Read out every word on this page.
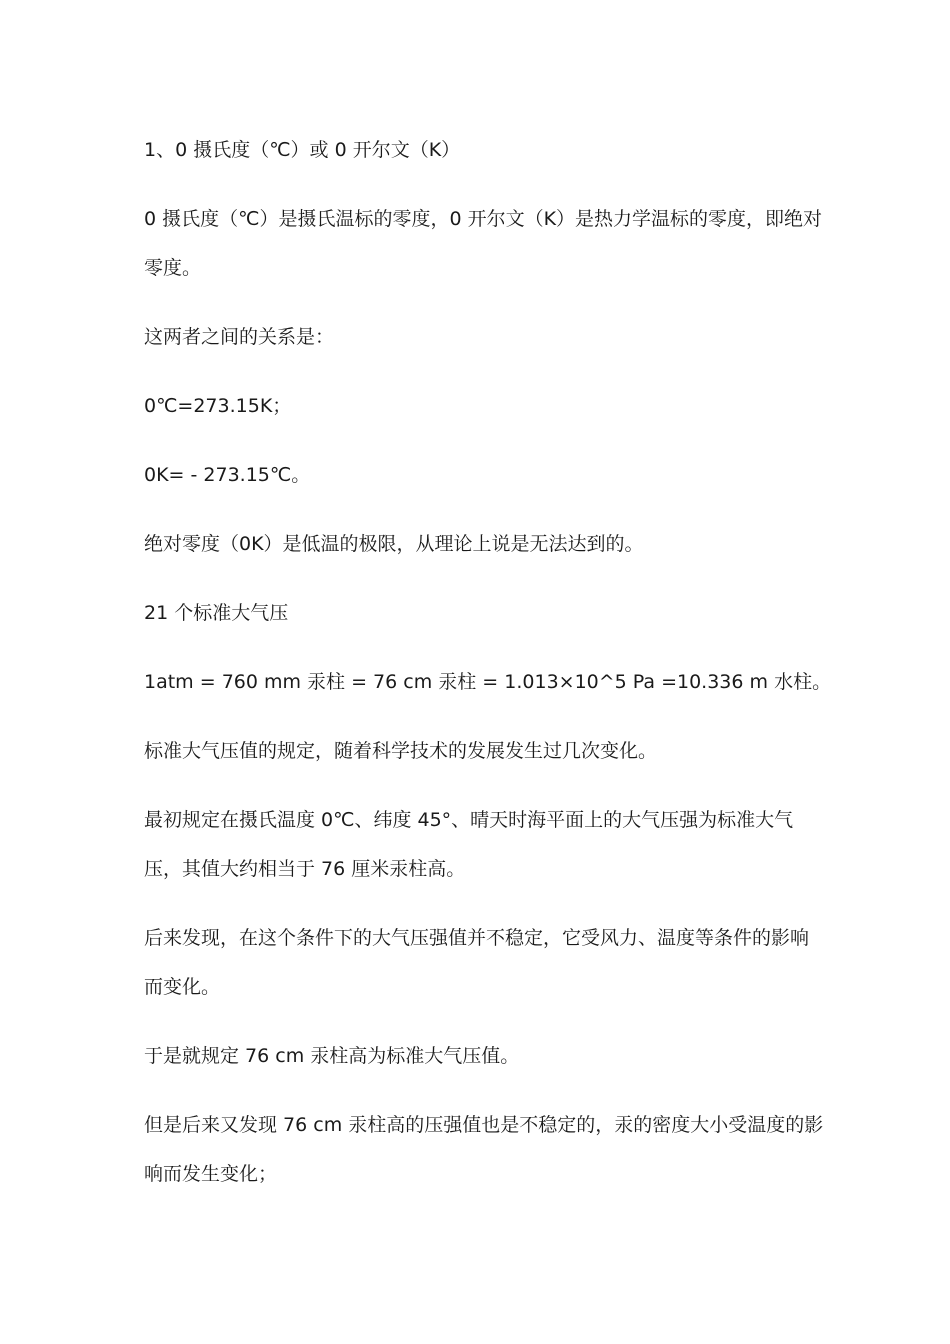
1、0 摄氏度（℃）或 0 开尔文（K）

0 摄氏度（℃）是摄氏温标的零度，0 开尔文（K）是热力学温标的零度，即绝对零度。

这两者之间的关系是：

0℃=273.15K；

0K= - 273.15℃。

绝对零度（0K）是低温的极限，从理论上说是无法达到的。

21 个标准大气压

1atm = 760 mm 汞柱 = 76 cm 汞柱 = 1.013×10^5 Pa =10.336 m 水柱。

标准大气压值的规定，随着科学技术的发展发生过几次变化。

最初规定在摄氏温度 0℃、纬度 45°、晴天时海平面上的大气压强为标准大气压，其值大约相当于 76 厘米汞柱高。

后来发现，在这个条件下的大气压强值并不稳定，它受风力、温度等条件的影响而变化。

于是就规定 76 cm 汞柱高为标准大气压值。

但是后来又发现 76 cm 汞柱高的压强值也是不稳定的，汞的密度大小受温度的影响而发生变化；
